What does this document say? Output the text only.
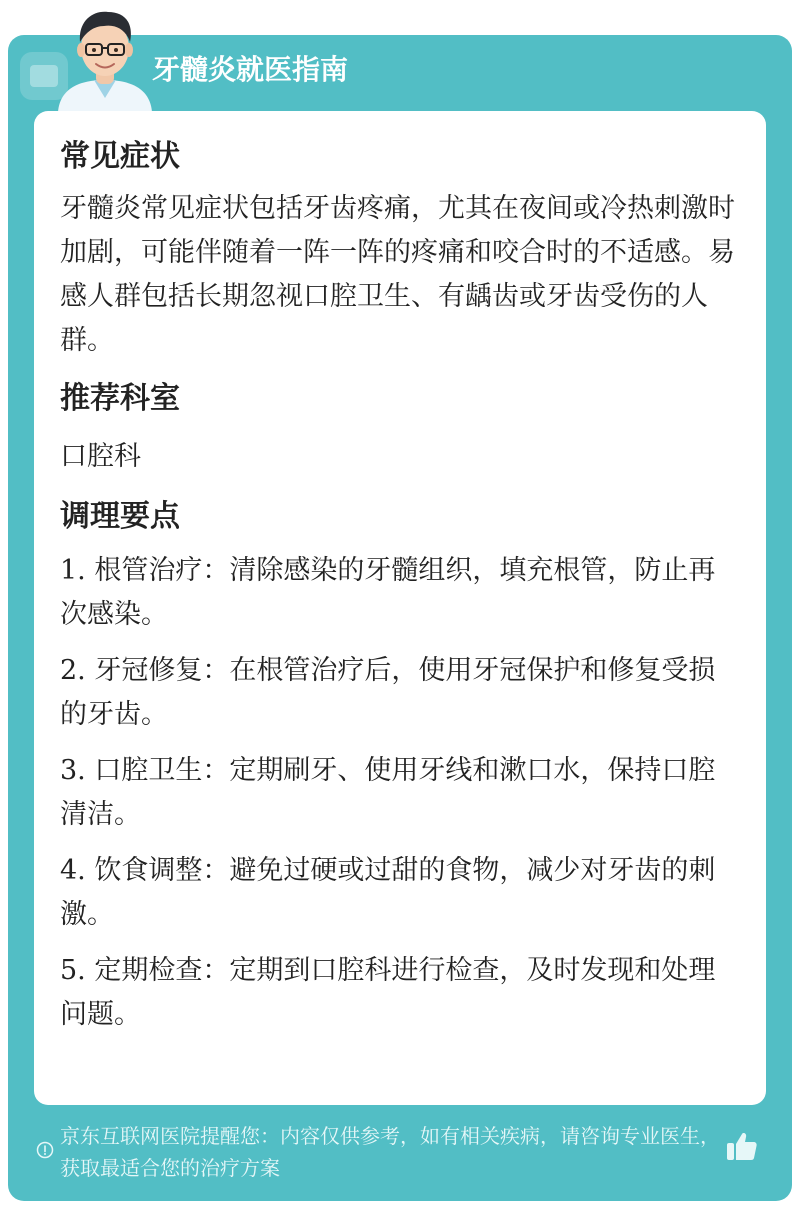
牙髓炎就医指南
常见症状

牙髓炎常见症状包括牙齿疼痛，尤其在夜间或冷热刺激时加剧，可能伴随着一阵一阵的疼痛和咬合时的不适感。易感人群包括长期忽视口腔卫生、有龋齿或牙齿受伤的人群。

推荐科室

口腔科

调理要点
1. 根管治疗：清除感染的牙髓组织，填充根管，防止再次感染。
2. 牙冠修复：在根管治疗后，使用牙冠保护和修复受损的牙齿。
3. 口腔卫生：定期刷牙、使用牙线和漱口水，保持口腔清洁。
4. 饮食调整：避免过硬或过甜的食物，减少对牙齿的刺激。
5. 定期检查：定期到口腔科进行检查，及时发现和处理问题。
京东互联网医院提醒您：内容仅供参考，如有相关疾病，请咨询专业医生，获取最适合您的治疗方案
